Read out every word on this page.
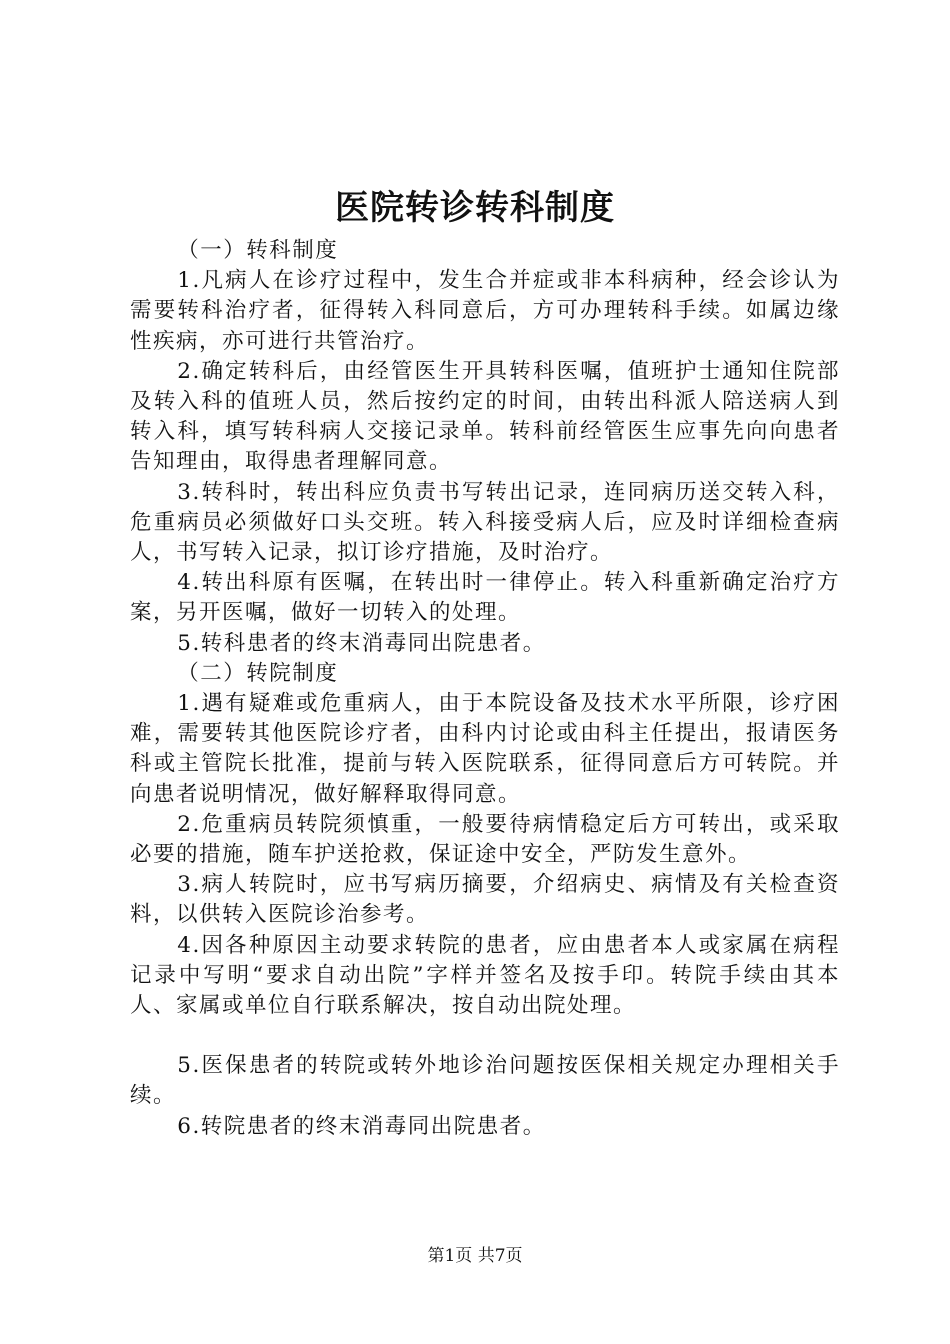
医院转诊转科制度

（一）转科制度

1.凡病人在诊疗过程中，发生合并症或非本科病种，经会诊认为需要转科治疗者，征得转入科同意后，方可办理转科手续。如属边缘性疾病，亦可进行共管治疗。

2.确定转科后，由经管医生开具转科医嘱，值班护士通知住院部及转入科的值班人员，然后按约定的时间，由转出科派人陪送病人到转入科，填写转科病人交接记录单。转科前经管医生应事先向向患者告知理由，取得患者理解同意。

3.转科时，转出科应负责书写转出记录，连同病历送交转入科，危重病员必须做好口头交班。转入科接受病人后，应及时详细检查病人，书写转入记录，拟订诊疗措施，及时治疗。

4.转出科原有医嘱，在转出时一律停止。转入科重新确定治疗方案，另开医嘱，做好一切转入的处理。

5.转科患者的终末消毒同出院患者。

（二）转院制度

1.遇有疑难或危重病人，由于本院设备及技术水平所限，诊疗困难，需要转其他医院诊疗者，由科内讨论或由科主任提出，报请医务科或主管院长批准，提前与转入医院联系，征得同意后方可转院。并向患者说明情况，做好解释取得同意。

2.危重病员转院须慎重，一般要待病情稳定后方可转出，或采取必要的措施，随车护送抢救，保证途中安全，严防发生意外。

3.病人转院时，应书写病历摘要，介绍病史、病情及有关检查资料，以供转入医院诊治参考。

4.因各种原因主动要求转院的患者，应由患者本人或家属在病程记录中写明“要求自动出院”字样并签名及按手印。转院手续由其本人、家属或单位自行联系解决，按自动出院处理。

5.医保患者的转院或转外地诊治问题按医保相关规定办理相关手续。

6.转院患者的终末消毒同出院患者。

第1页 共7页
